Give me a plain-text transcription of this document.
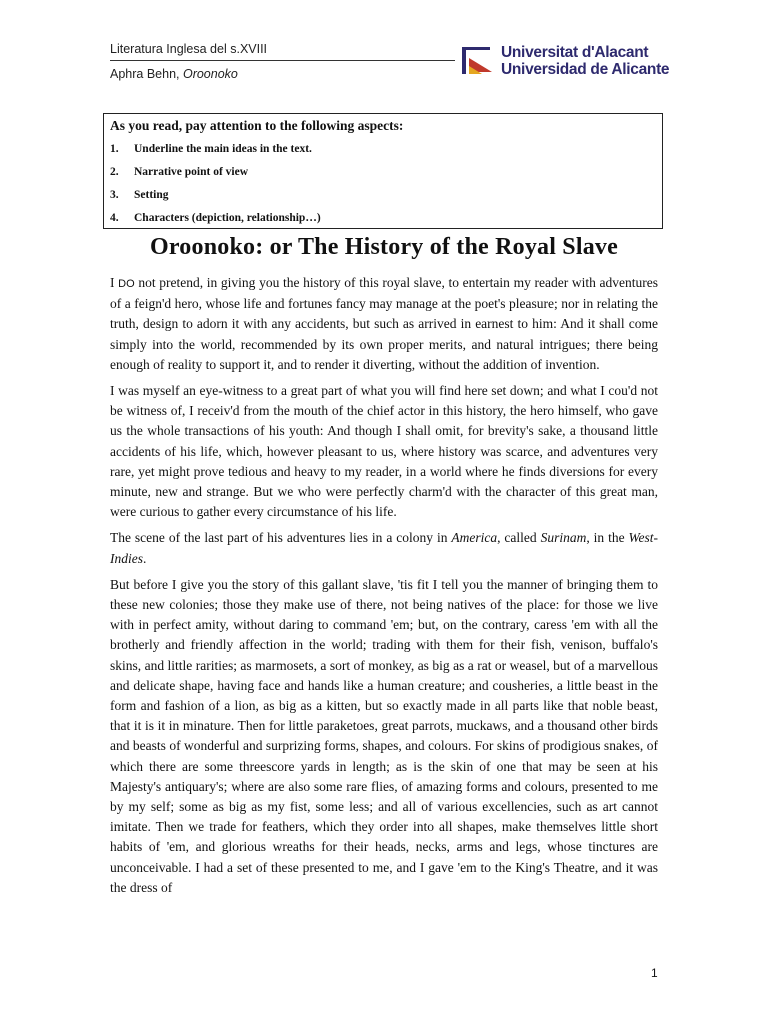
Literatura Inglesa del s.XVIII
Aphra Behn, Oroonoko
Universitat d'Alacant
Universidad de Alicante
As you read, pay attention to the following aspects:
1. Underline the main ideas in the text.
2. Narrative point of view
3. Setting
4. Characters (depiction, relationship…)
Oroonoko: or The History of the Royal Slave

I DO not pretend, in giving you the history of this royal slave, to entertain my reader with adventures of a feign'd hero, whose life and fortunes fancy may manage at the poet's pleasure; nor in relating the truth, design to adorn it with any accidents, but such as arrived in earnest to him: And it shall come simply into the world, recommended by its own proper merits, and natural intrigues; there being enough of reality to support it, and to render it diverting, without the addition of invention.

I was myself an eye-witness to a great part of what you will find here set down; and what I cou'd not be witness of, I receiv'd from the mouth of the chief actor in this history, the hero himself, who gave us the whole transactions of his youth: And though I shall omit, for brevity's sake, a thousand little accidents of his life, which, however pleasant to us, where history was scarce, and adventures very rare, yet might prove tedious and heavy to my reader, in a world where he finds diversions for every minute, new and strange. But we who were perfectly charm'd with the character of this great man, were curious to gather every circumstance of his life.

The scene of the last part of his adventures lies in a colony in America, called Surinam, in the West-Indies.

But before I give you the story of this gallant slave, 'tis fit I tell you the manner of bringing them to these new colonies; those they make use of there, not being natives of the place: for those we live with in perfect amity, without daring to command 'em; but, on the contrary, caress 'em with all the brotherly and friendly affection in the world; trading with them for their fish, venison, buffalo's skins, and little rarities; as marmosets, a sort of monkey, as big as a rat or weasel, but of a marvellous and delicate shape, having face and hands like a human creature; and cousheries, a little beast in the form and fashion of a lion, as big as a kitten, but so exactly made in all parts like that noble beast, that it is it in minature. Then for little paraketoes, great parrots, muckaws, and a thousand other birds and beasts of wonderful and surprizing forms, shapes, and colours. For skins of prodigious snakes, of which there are some threescore yards in length; as is the skin of one that may be seen at his Majesty's antiquary's; where are also some rare flies, of amazing forms and colours, presented to me by my self; some as big as my fist, some less; and all of various excellencies, such as art cannot imitate. Then we trade for feathers, which they order into all shapes, make themselves little short habits of 'em, and glorious wreaths for their heads, necks, arms and legs, whose tinctures are unconceivable. I had a set of these presented to me, and I gave 'em to the King's Theatre, and it was the dress of

1
